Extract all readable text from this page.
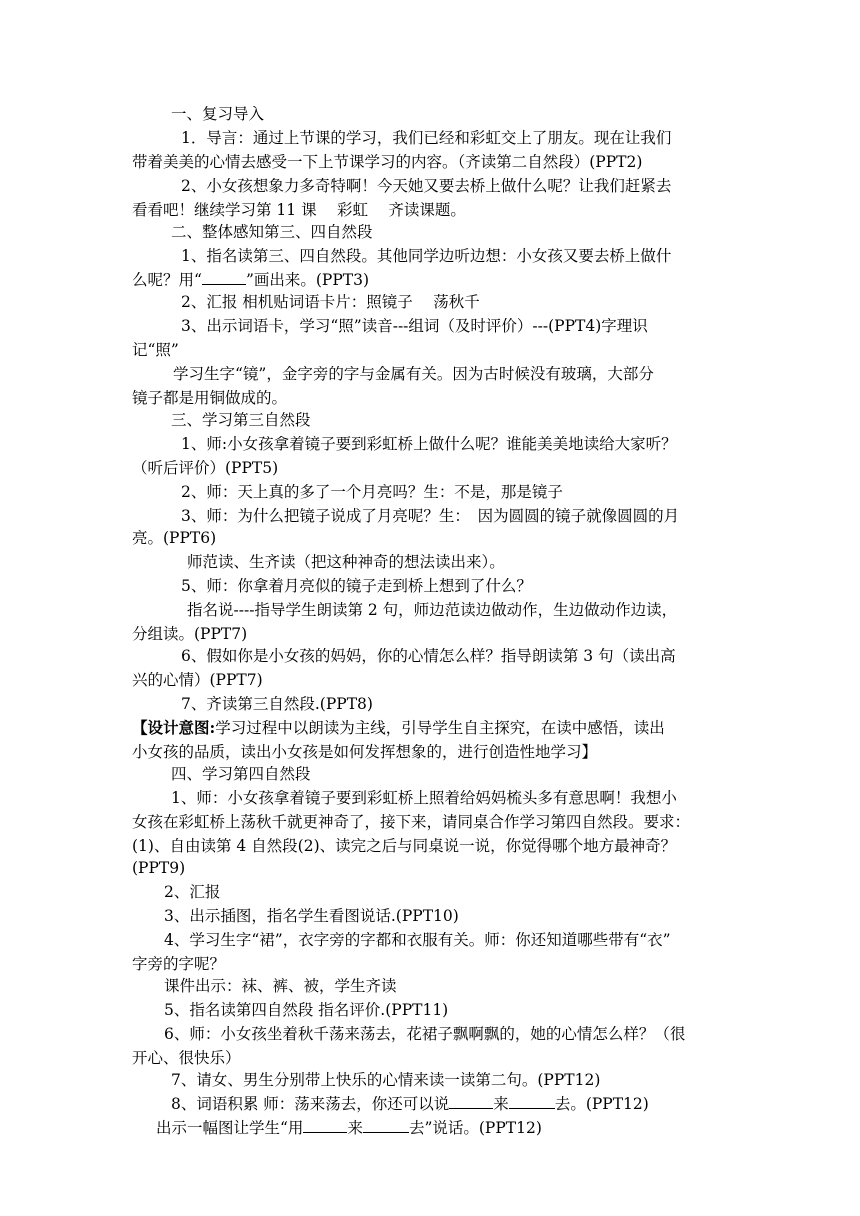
一、复习导入
1．导言：通过上节课的学习，我们已经和彩虹交上了朋友。现在让我们
带着美美的心情去感受一下上节课学习的内容。（齐读第二自然段）(PPT2)
2、小女孩想象力多奇特啊！今天她又要去桥上做什么呢？让我们赶紧去
看看吧！继续学习第 11 课　 彩虹　 齐读课题。
二、整体感知第三、四自然段
1、指名读第三、四自然段。其他同学边听边想：小女孩又要去桥上做什
么呢？用“	”画出来。(PPT3)
2、汇报 相机贴词语卡片：照镜子　 荡秋千
3、出示词语卡，学习“照”读音---组词（及时评价）---(PPT4)字理识
记“照”
学习生字“镜”，金字旁的字与金属有关。因为古时候没有玻璃，大部分
镜子都是用铜做成的。
三、学习第三自然段
1、师:小女孩拿着镜子要到彩虹桥上做什么呢？谁能美美地读给大家听？
（听后评价）(PPT5)
2、师：天上真的多了一个月亮吗？生：不是，那是镜子
3、师：为什么把镜子说成了月亮呢？生：　因为圆圆的镜子就像圆圆的月
亮。(PPT6)
师范读、生齐读（把这种神奇的想法读出来）。
5、师：你拿着月亮似的镜子走到桥上想到了什么？
指名说----指导学生朗读第 2 句，师边范读边做动作，生边做动作边读，
分组读。(PPT7)
6、假如你是小女孩的妈妈，你的心情怎么样？指导朗读第 3 句（读出高
兴的心情）(PPT7)
7、齐读第三自然段.(PPT8)
【设计意图:学习过程中以朗读为主线，引导学生自主探究，在读中感悟，读出
小女孩的品质，读出小女孩是如何发挥想象的，进行创造性地学习】
四、学习第四自然段
1、师：小女孩拿着镜子要到彩虹桥上照着给妈妈梳头多有意思啊！我想小
女孩在彩虹桥上荡秋千就更神奇了，接下来，请同桌合作学习第四自然段。要求：
(1)、自由读第 4 自然段(2)、读完之后与同桌说一说，你觉得哪个地方最神奇？
(PPT9)
2、汇报
3、出示插图，指名学生看图说话.(PPT10)
4、学习生字“裙”，衣字旁的字都和衣服有关。师：你还知道哪些带有“衣”
字旁的字呢？
课件出示：袜、裤、被，学生齐读
5、指名读第四自然段 指名评价.(PPT11)
6、师：小女孩坐着秋千荡来荡去，花裙子飘啊飘的，她的心情怎么样？（很
开心、很快乐）
7、请女、男生分别带上快乐的心情来读一读第二句。(PPT12)
8、词语积累 师：荡来荡去，你还可以说	来	去。(PPT12)
出示一幅图让学生“用	来	去”说话。(PPT12)
